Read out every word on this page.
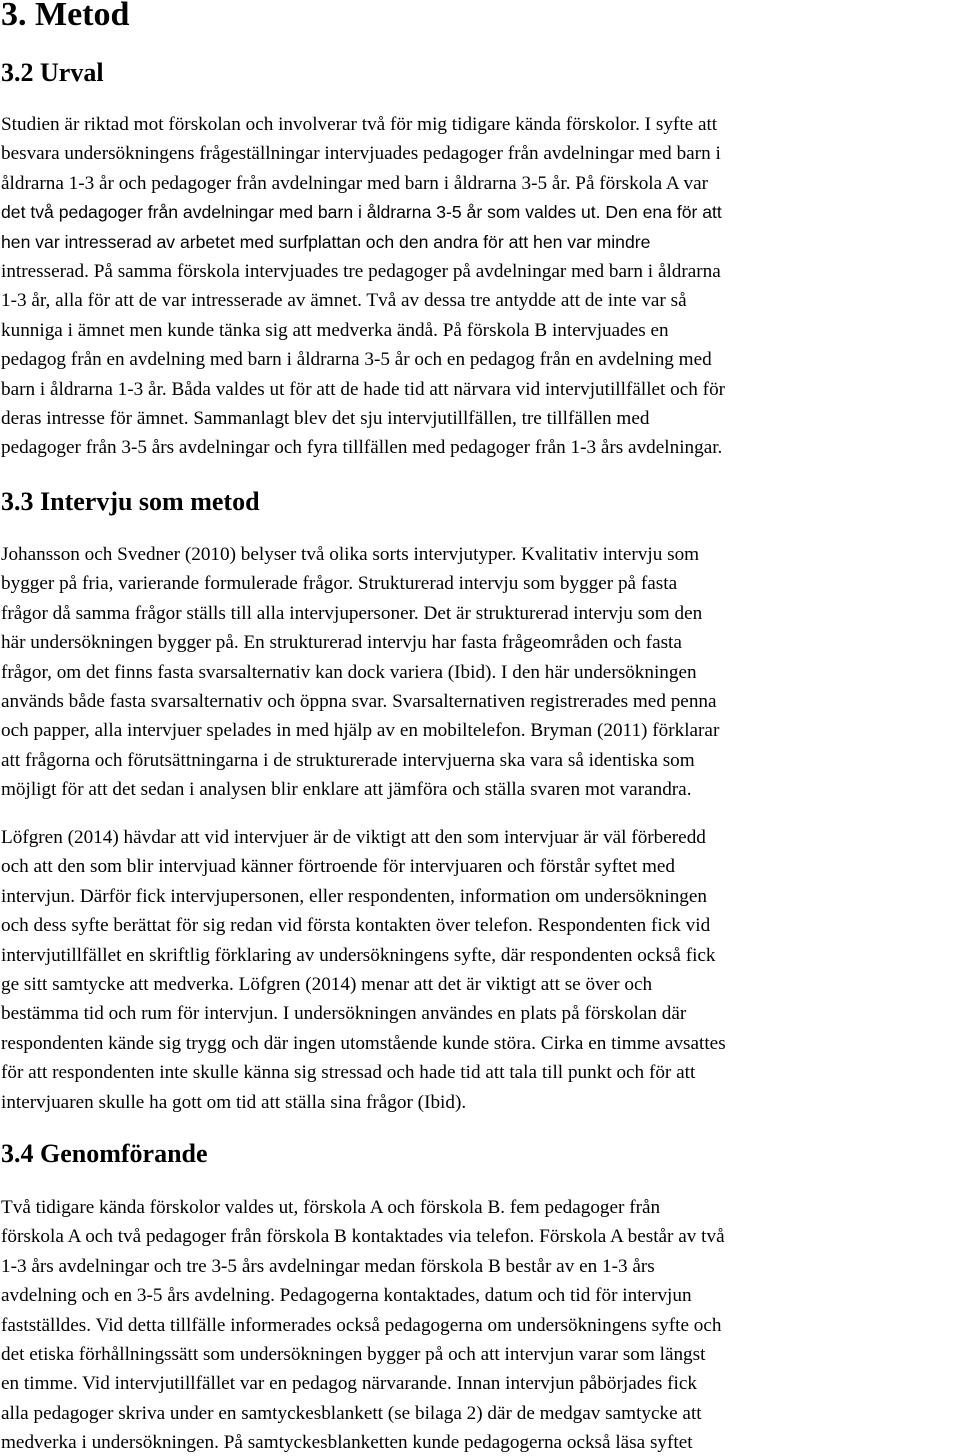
3. Metod
3.2 Urval
Studien är riktad mot förskolan och involverar två för mig tidigare kända förskolor. I syfte att
besvara undersökningens frågeställningar intervjuades pedagoger från avdelningar med barn i
åldrarna 1-3 år och pedagoger från avdelningar med barn i åldrarna 3-5 år. På förskola A var
det två pedagoger från avdelningar med barn i åldrarna 3-5 år som valdes ut. Den ena för att
hen var intresserad av arbetet med surfplattan och den andra för att hen var mindre
intresserad. På samma förskola intervjuades tre pedagoger på avdelningar med barn i åldrarna
1-3 år, alla för att de var intresserade av ämnet. Två av dessa tre antydde att de inte var så
kunniga i ämnet men kunde tänka sig att medverka ändå. På förskola B intervjuades en
pedagog från en avdelning med barn i åldrarna 3-5 år och en pedagog från en avdelning med
barn i åldrarna 1-3 år. Båda valdes ut för att de hade tid att närvara vid intervjutillfället och för
deras intresse för ämnet. Sammanlagt blev det sju intervjutillfällen, tre tillfällen med
pedagoger från 3-5 års avdelningar och fyra tillfällen med pedagoger från 1-3 års avdelningar.
3.3 Intervju som metod
Johansson och Svedner (2010) belyser två olika sorts intervjutyper. Kvalitativ intervju som
bygger på fria, varierande formulerade frågor. Strukturerad intervju som bygger på fasta
frågor då samma frågor ställs till alla intervjupersoner. Det är strukturerad intervju som den
här undersökningen bygger på. En strukturerad intervju har fasta frågeområden och fasta
frågor, om det finns fasta svarsalternativ kan dock variera (Ibid). I den här undersökningen
används både fasta svarsalternativ och öppna svar. Svarsalternativen registrerades med penna
och papper, alla intervjuer spelades in med hjälp av en mobiltelefon. Bryman (2011) förklarar
att frågorna och förutsättningarna i de strukturerade intervjuerna ska vara så identiska som
möjligt för att det sedan i analysen blir enklare att jämföra och ställa svaren mot varandra.
Löfgren (2014) hävdar att vid intervjuer är de viktigt att den som intervjuar är väl förberedd
och att den som blir intervjuad känner förtroende för intervjuaren och förstår syftet med
intervjun. Därför fick intervjupersonen, eller respondenten, information om undersökningen
och dess syfte berättat för sig redan vid första kontakten över telefon. Respondenten fick vid
intervjutillfället en skriftlig förklaring av undersökningens syfte, där respondenten också fick
ge sitt samtycke att medverka. Löfgren (2014) menar att det är viktigt att se över och
bestämma tid och rum för intervjun. I undersökningen användes en plats på förskolan där
respondenten kände sig trygg och där ingen utomstående kunde störa. Cirka en timme avsattes
för att respondenten inte skulle känna sig stressad och hade tid att tala till punkt och för att
intervjuaren skulle ha gott om tid att ställa sina frågor (Ibid).
3.4 Genomförande
Två tidigare kända förskolor valdes ut, förskola A och förskola B. fem pedagoger från
förskola A och två pedagoger från förskola B kontaktades via telefon. Förskola A består av två
1-3 års avdelningar och tre 3-5 års avdelningar medan förskola B består av en 1-3 års
avdelning och en 3-5 års avdelning. Pedagogerna kontaktades, datum och tid för intervjun
fastställdes. Vid detta tillfälle informerades också pedagogerna om undersökningens syfte och
det etiska förhållningssätt som undersökningen bygger på och att intervjun varar som längst
en timme. Vid intervjutillfället var en pedagog närvarande. Innan intervjun påbörjades fick
alla pedagoger skriva under en samtyckesblankett (se bilaga 2) där de medgav samtycke att
medverka i undersökningen. På samtyckesblanketten kunde pedagogerna också läsa syftet
